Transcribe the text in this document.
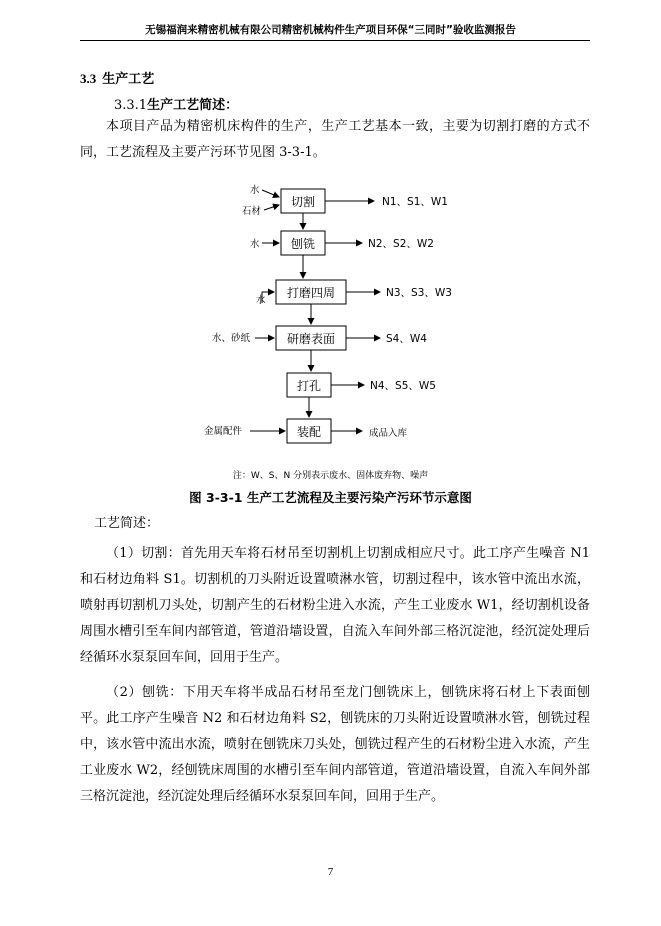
无锡福润来精密机械有限公司精密机械构件生产项目环保“三同时”验收监测报告
3.3 生产工艺
3.3.1生产工艺简述：
本项目产品为精密机床构件的生产，生产工艺基本一致，主要为切割打磨的方式不同，工艺流程及主要产污环节见图 3-3-1。
切割
水
石材
N1、S1、W1
刨铣
水	N2、S2、W2
打磨四周
水
N3、S3、W3
研磨表面
水、砂纸	S4、W4
打孔	N4、S5、W5
装配
金属配件	成品入库
注：W、S、N 分别表示废水、固体废弃物、噪声
图 3-3-1 生产工艺流程及主要污染产污环节示意图
工艺简述：
（1）切割：首先用天车将石材吊至切割机上切割成相应尺寸。此工序产生噪音 N1 和石材边角料 S1。切割机的刀头附近设置喷淋水管，切割过程中，该水管中流出水流，喷射再切割机刀头处，切割产生的石材粉尘进入水流，产生工业废水 W1，经切割机设备周围水槽引至车间内部管道，管道沿墙设置，自流入车间外部三格沉淀池，经沉淀处理后经循环水泵泵回车间，回用于生产。
（2）刨铣：下用天车将半成品石材吊至龙门刨铣床上，刨铣床将石材上下表面刨平。此工序产生噪音 N2 和石材边角料 S2，刨铣床的刀头附近设置喷淋水管，刨铣过程中，该水管中流出水流，喷射在刨铣床刀头处，刨铣过程产生的石材粉尘进入水流，产生工业废水 W2，经刨铣床周围的水槽引至车间内部管道，管道沿墙设置，自流入车间外部三格沉淀池，经沉淀处理后经循环水泵泵回车间，回用于生产。
7
